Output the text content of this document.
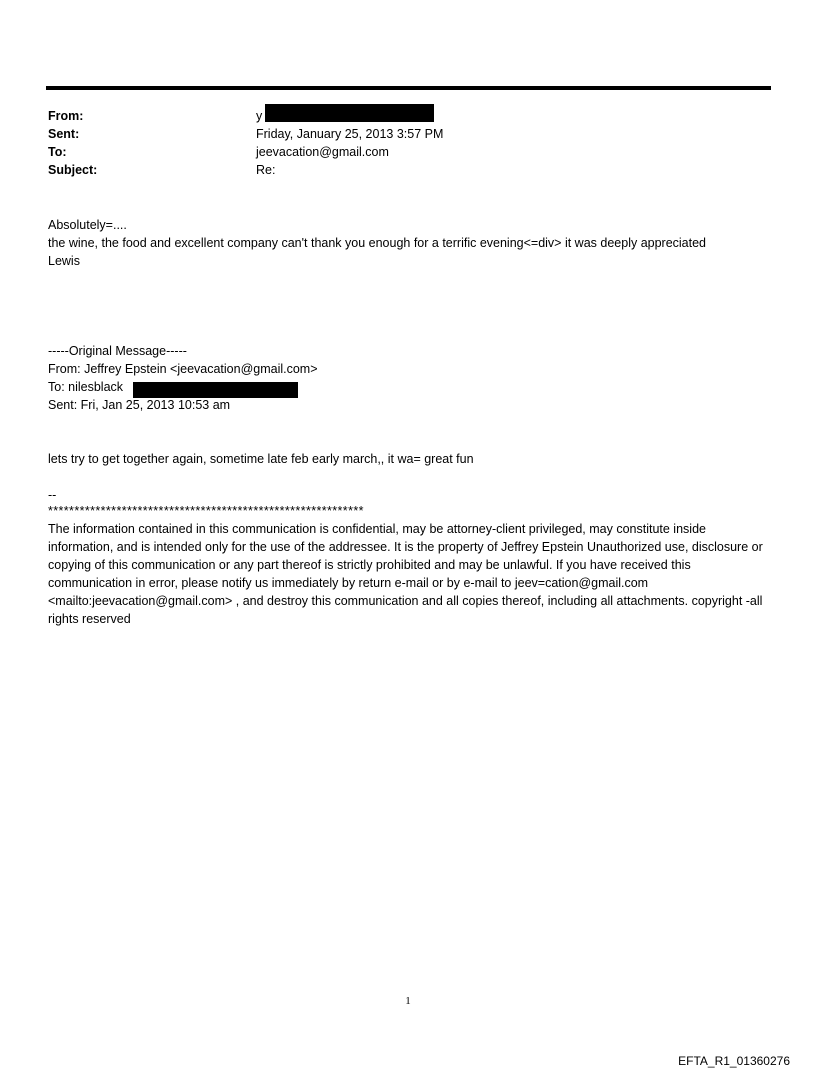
From:	y
Sent:	Friday, January 25, 2013 3:57 PM
To:	jeevacation@gmail.com
Subject:	Re:
Absolutely=....
the wine, the food and excellent company can't thank you enough for a terrific evening<=div> it was deeply appreciated
Lewis
-----Original Message-----
From: Jeffrey Epstein <jeevacation@gmail.com>
To: nilesblack
Sent: Fri, Jan 25, 2013 10:53 am
lets try to get together again, sometime late feb early march,, it wa= great fun
--
************************************************************
The information contained in this communication is confidential, may be attorney-client privileged, may constitute inside information, and is intended only for the use of the addressee. It is the property of Jeffrey Epstein Unauthorized use, disclosure or copying of this communication or any part thereof is strictly prohibited and may be unlawful. If you have received this communication in error, please notify us immediately by return e-mail or by e-mail to jeev=cation@gmail.com <mailto:jeevacation@gmail.com> , and destroy this communication and all copies thereof, including all attachments. copyright -all rights reserved
1
EFTA_R1_01360276
